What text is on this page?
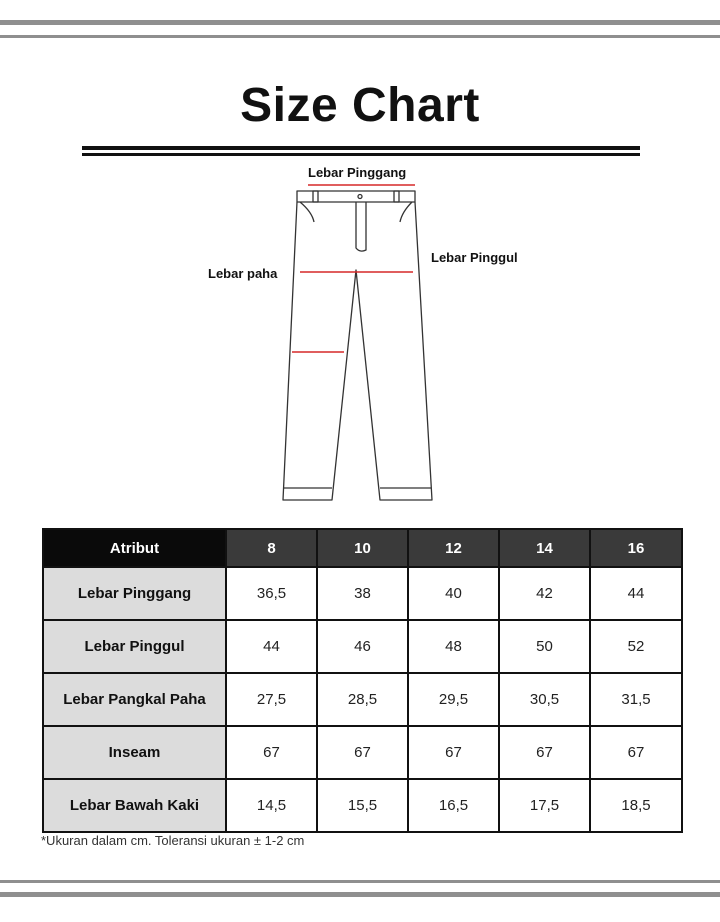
Size Chart
Lebar Pinggang
Lebar Pinggul
Lebar paha
Atribut	8	10	12	14	16
Lebar Pinggang	36,5	38	40	42	44
Lebar Pinggul	44	46	48	50	52
Lebar Pangkal Paha	27,5	28,5	29,5	30,5	31,5
Inseam	67	67	67	67	67
Lebar Bawah Kaki	14,5	15,5	16,5	17,5	18,5
*Ukuran dalam cm. Toleransi ukuran ± 1-2 cm
